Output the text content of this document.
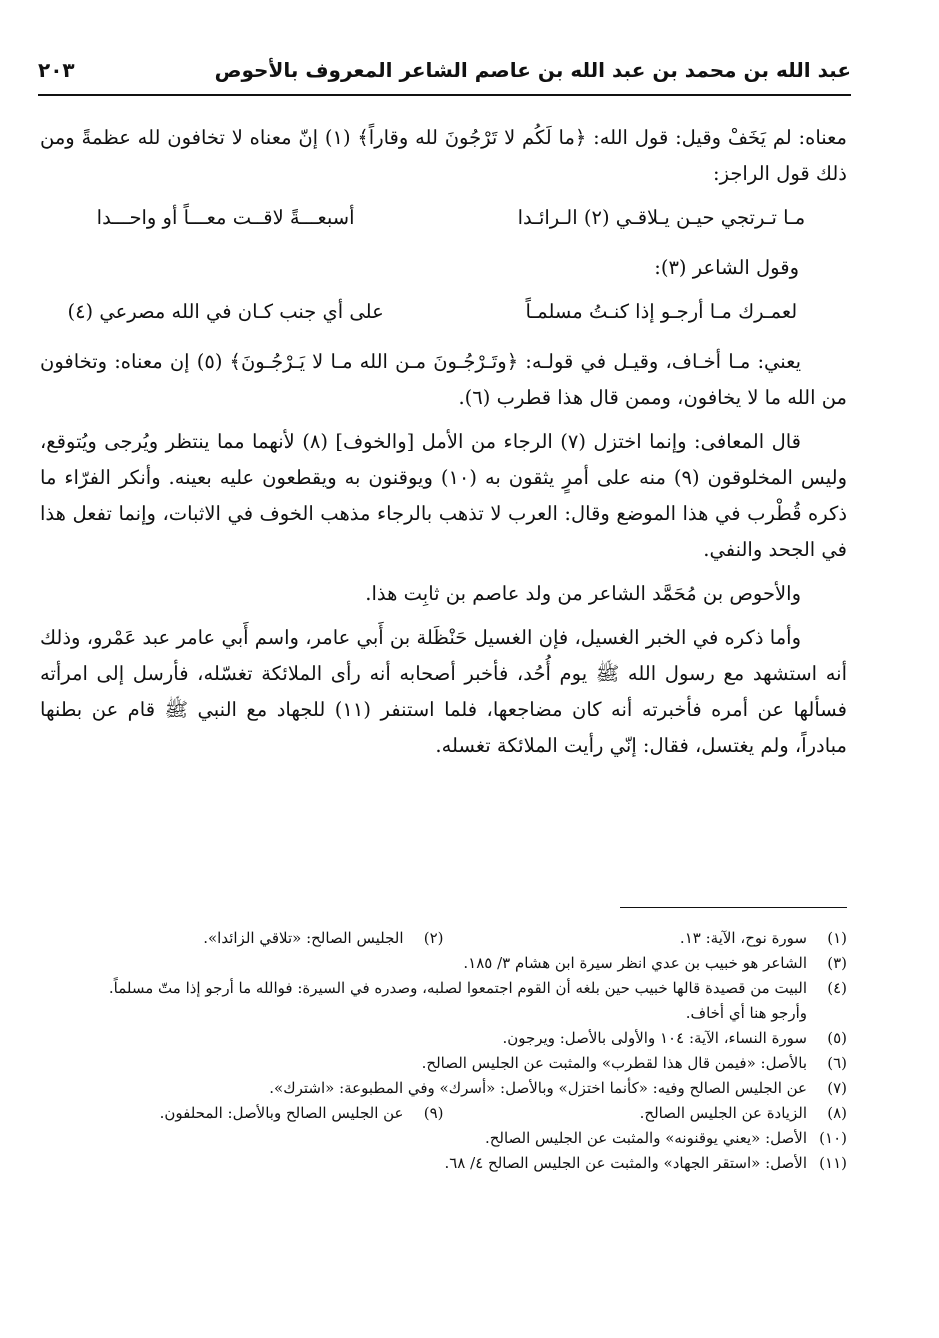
عبد الله بن محمد بن عبد الله بن عاصم الشاعر المعروف بالأحوص
٢٠٣

معناه: لم يَخَفْ وقيل: قول الله: ﴿ما لَكُم لا تَرْجُونَ لله وقاراً﴾ (١) إنّ معناه لا تخافون لله عظمةً ومن ذلك قول الراجز:

مـا تـرتجي حيـن يـلاقـي (٢) الـرائـدا
أسبعـــةً لاقــت معـــاً أو واحـــدا

وقول الشاعر (٣):

لعمـرك مـا أرجـو إذا كنـتُ مسلمـاً
على أي جنب كـان في الله مصرعي (٤)

يعني: مـا أخـاف، وقيـل في قولـه: ﴿وتَـرْجُـونَ مـن الله مـا لا يَـرْجُـونَ﴾ (٥) إن معناه: وتخافون من الله ما لا يخافون، وممن قال هذا قطرب (٦).

قال المعافى: وإنما اختزل (٧) الرجاء من الأمل [والخوف] (٨) لأنهما مما ينتظر ويُرجى ويُتوقع، وليس المخلوقون (٩) منه على أمرٍ يثقون به (١٠) ويوقنون به ويقطعون عليه بعينه. وأنكر الفرّاء ما ذكره قُطْرب في هذا الموضع وقال: العرب لا تذهب بالرجاء مذهب الخوف في الاثبات، وإنما تفعل هذا في الجحد والنفي.

والأحوص بن مُحَمَّد الشاعر من ولد عاصم بن ثابِت هذا.

وأما ذكره في الخبر الغسيل، فإن الغسيل حَنْظَلة بن أَبي عامر، واسم أَبي عامر عبد عَمْرو، وذلك أنه استشهد مع رسول الله ﷺ يوم أُحُد، فأخبر أصحابه أنه رأى الملائكة تغسّله، فأرسل إلى امرأته فسألها عن أمره فأخبرته أنه كان مضاجعها، فلما استنفر (١١) للجهاد مع النبي ﷺ قام عن بطنها مبادراً، ولم يغتسل، فقال: إنّي رأيت الملائكة تغسله.

(١)
سورة نوح، الآية: ١٣.
(٢)
الجليس الصالح: «تلاقي الزائدا».
(٣)
الشاعر هو خبيب بن عدي انظر سيرة ابن هشام ٣/ ١٨٥.
(٤)
البيت من قصيدة قالها خبيب حين بلغه أن القوم اجتمعوا لصلبه، وصدره في السيرة: فوالله ما أرجو إذا متّ مسلماً.
وأرجو هنا أي أخاف.
(٥)
سورة النساء، الآية: ١٠٤ والأولى بالأصل: ويرجون.
(٦)
بالأصل: «فيمن قال هذا لقطرب» والمثبت عن الجليس الصالح.
(٧)
عن الجليس الصالح وفيه: «كأنما اختزل» وبالأصل: «أسرك» وفي المطبوعة: «اشترك».
(٨)
الزيادة عن الجليس الصالح.
(٩)
عن الجليس الصالح وبالأصل: المحلفون.
(١٠)
الأصل: «يعني يوقنونه» والمثبت عن الجليس الصالح.
(١١)
الأصل: «استقر الجهاد» والمثبت عن الجليس الصالح ٤/ ٦٨.
